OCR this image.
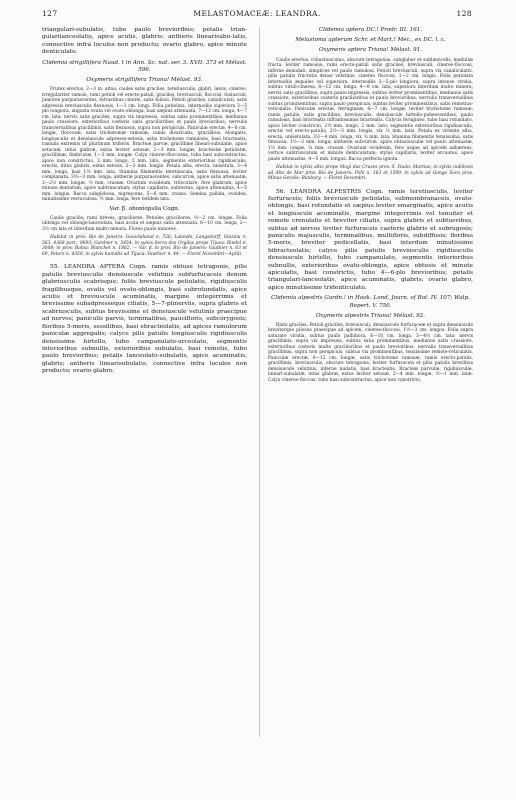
127	MELASTOMACEÆ: LEANDRA.	128

triangulari-subulatis, tubo paulo brevioribus; petalis trian-gularilanceolatis, apice acutis, glabris; antheris linearisubu-latis, connective infra loculos non producto; ovario glabro, apice minute denticulato.

Clidemia strigillifera Naud. t in Ann. Sc. nat. ser. 3. XVII. 373 et Mélast. 596.

Oxymeris strigillifera Triana! Mélast. 93.

Frutex erectus, 2—3 m. altus; caules satis graciles, teretiusculis, glabri, lævis, cinereo, irregulariter ramosi; rami petioli vel erecto-patuli, graciles, breviusculi, floccosi, fusiusculi, juniores purpurascentes, tetrastibus cinerei, satis foliosi. Petioli graciles, canaliculati, satis adpressis breviusculis flexuosis, 1—3 cm. longi. Folia petiolata, internodiis superiora 3—5 plo longiora, angusta ovata vel ovato-oblonga, basi sæpius attenuata, 7—12 cm. longa, 4—7 cm. lata; nervis satis graciles, supra vix impressis, subtus satis prominentibus, medianus paulo crassiore, exterioribus costeris satis gracilioribus et paulo brevioribus; nervulis transversalibus gracillimis, satis flexuosis, supra non perspicuis. Paniculæ erectæ, 4—8 cm. longæ, floccosæ, satis trichotomæ ramosæ; ramis divaricatis, gracilibus, elongatis, longiusculis et densiuscule adpresso-setosis, satis trichotome ramulosis, basi bracteatis; ramulis extremis ut plurimum trifloris. Bracteæ parvæ, gracillime lineari-subulatæ, apice setaceæ, intus glabræ, extus leviter setosæ, 2—3 mm. longæ; bracteolæ petiolatæ, gracillimæ, fimbriatæ, 1—3 mm. longæ. Calyx cinereo-floccosus, tubo basi subcontractus, apice non constrictus, 3 mm. longo, 2 mm. lato, segmentis exterioribus rigidiusculis, erectis, intus glabris, extus setosis, 2—3 mm. longis. Petala alba, erecta, unisetula, 3—4 mm. longa, basi 1½ mm. lata. Stamina filamentis teretiuscula, satis flexuosa, leviter complanata, 3½—3 mm. longa; antheræ purpurascentes, subcurvæ, apice satis attenuatæ, 2—2½ mm. longæ, ½ mm. crassæ. Ovarium ovoideum, triloculare, fere glabrum, apice minute dentatum, apice subtruncatum; stylus capillaris, subrectus, apice attenuatus, 4—5 mm. longus. Bacca subglobosa, nigrescens, 5—6 mm. crassa. Semina pallida, ovoidea, minutissime verruculosa, ½ mm. longa, fere totidem lata.

Var. β. oboniopsila Cogn.

Caulis gracilis; rami breves, graciliores. Petioles graciliores, ½—2 cm. longæ. Folia oblonga vel oblongo-lanceolata, basi acuta et sæpius satis attenuata, 6—10 cm. longa, 2—3½ cm lata et interdum multo minora. Flores paulo minores.

Habitat in prov. Rio de Janeiro: Gouvêahand n. 726, Lalande, Langsdorff, Glaziou n. 563, 4368 part., 8693; Gardner n. 5454; in sylvis Serra dos Orgãos prope Tijuca: Riedel n. 3008; in prov. Bahia: Blanchet n. 1862. — Var. β. in prov. Rio de Janeiro: Vauthier n. 63 et 69, Peters n. 4350; in sylvis humidis ad Tijuca: Vauthier n. 44. — Floret Novembri—Aprili.

55. LEANDRA APTERA Cogn. ramis obtuse tetragonis, pilis patulis breviusculis densiuscule velutinis subfurfuraceis denum glabriusculis scabrisque; foliis breviuscule petiolatis, rigidiusculis fragilibusque, ovatis vel ovato-oblongis, basi subrotundatis, apice acutis et breviuscule acuminatis, margine integerrimis et brevissime subadpresseque ciliatis, 5—7-plinerviis, supra glabris et scabriusculis, subtus brevissime et densiuscule velutinis praecipue ad nervos; paniculis parvis, terminalibus, paucifloris, subcorygosis; floribus 5-meris, sessilibus, basi ebracteolatis, ad apices ramulorum paniculæ aggregatis; calyce pilis patulis longiusculis rigidiusculis densissime hirtello, tubo campanulato-urceolato, segmentis interioribus subnullis, exterioribus subulatis, basi remotis, tubo paulo brevioribus; petalis lanceolato-subulatis, apice acuminatis, glabris; antheris linearisubulatis, connective infra loculos non producto; ovario glabro.

Clidemia aptera DC.! Prodr. III. 161.

Melastoma apterum Schr. et Mart.! Mec., ex DC. l. c.

Oxymeris aptera Triana! Mélast. 91.

Caulis erectus, robustiusculus, obscure tetragonus, subglaber et sublævicolis, medullæ fracta, leviter ramosus; rami erecto-patuli satis graciles, breviusculi, cinereo-floccosi, inferne denudati, simplices vel paulo ramulosi. Petioli breviusculi, supra vix canaliculatis, pilis patulis fructutis dense velutinis, cinereo floccosi, 1—2 cm. longis. Folia petiolata internodiis æquales vel superiora, internodiis 3—5-plo longiora, supra intense viridia, subtus viridi-cinerea, 8—12 cm. longa, 4—8 cm. lata, superiora interdum multo minora; nervis satis gracilibus, supra paulo impressis, subtus leviter prominentibus, medianus satis crassiore, exterioribus costeris gracilioribus et paulo brevioribus; nervulis transversalibus subtus prominentibus, supra paulo perspicuis, subtus leviter prominentibus, satis remotius-reticulatis. Paniculæ erectæ, ferrugineæ, 4—7 cm. longæ, leviter trichotome ramosæ; ramis patulis, satis gracilibus, breviusculis, densiuscule hirtello-pubescentibus, paulo ramulosis, basi bracteatis infrantissimos bracteatis. Calycis ferugineo, tubo basi rotundato, apice leviter constricto, 2½ mm. longo, 2 mm. lato; segmentis exterioribus rigidiusculis, erectis vel erecto-patulis, 2½—3 mm. longis, vix ½ mm. latis. Petala ex viriente alba, erecta, unisetulata, 3½—4 mm. longa, vix ½ mm. lata. Stamina filamentis tenuissima, satis flexuosa, 1½—2 mm. longa; antheræ subcurvæ, apice obtusiusculæ vel paulo attenuatæ, 1½ mm. longæ, ¼ mm. crassæ. Ovarium ovoideum, fere usque ad apicem adhærens, vertice subtruncatum et minute denticulatum; stylus capillaris, leviter arcuatus, apice paulo attenuatus, 4—5 mm. longus. Bacca perfecta ignota.

Habitat in sylvis altis prope Mogi das Cruzes prov. S. Paulo: Martius; in sylvis nubilosis ad Alto de Mar prov. Rio de Janeiro: Pohl n. 163 et 1599; in sylvis ad Gongo Soco prov. Minas Geraës: Bunbury. — Floret Decembri.

56. LEANDRA ALPESTRIS Cogn. ramis teretiusculis, leviter furfuraceis; foliis breviuscule petiolatis, submembranaceis, ovato-oblongis, basi rotundatis et sæpius leviter emarginatis, apice acutis et longiuscule acuminatis, margine integerrimis vel tenuiter et remote crenulatis et breviter ciliatis, supra glabris et subtusvibus, subtus ad nervos leviter furfuraceis caeteris glabris et subrugosis; paniculis majusculis, terminalibus, multifloris, subdiffusis; floribus 5-meris, breviter pedicellatis, basi interdum minutissime bibracteolatis; calyce pilis patulis breviusculis rigidiusculis densiuscule hirtello, tubo campanulato, segmentis interioribus subnullis, exterioribus ovato-oblongis, apice obtusis et minute apiculatis, basi constrictis, tubo 4—6-plo brevioribus; petalis triangulari-lanceolatis, apice acuminatis, glabris; ovario glabro, apice minutissime tridenticulato.

Clidemia alpestris Gardn.! in Hook. Lond. Journ. of Bot. IV. 107; Walp. Repert. V. 750.

Oxymeris alpestris Triana! Mélast. 92.

Rami graciles. Petioli graciles, breviusculi, densiuscule furfuraceæ et supra densiuscule breviterque pilosus praecipue ad apicem, cinereo-floccosi, 1½—3 cm. longos. Folia supra saturate viridia, subtus paulo pallidiora, 6—10 cm. longa, 3—4½ cm. lata; nervis gracillimis, supra vix impressis, subtus satis prominentibus, medianus satis crassiore, exterioribus costeris multo gracilioribus et paulo brevioribus; nervulis transversalibus gracillimis, supra non perspicuis, subtus vix prominentibus, tenuissime remote-reticulatis. Paniculæ erectæ, 6—12 cm. longæ, satis trichotome ramosæ; ramis erecto-patulis, gracillimis, breviusculis, obscure tetragonis, leviter furfuraceis et pilis patulis breviibus densiuscule velutinis, inferne nudatis, basi bracteatis. Bracteæ parvulæ, rigidiusculæ, lineari-subulatæ, intus glabræ, extus leviter setosæ, 2—4 mm. longæ, ½—1 mm. latæ. Calyx cinereo-floccus, tubo basi subcontractus, apice non constricto,
